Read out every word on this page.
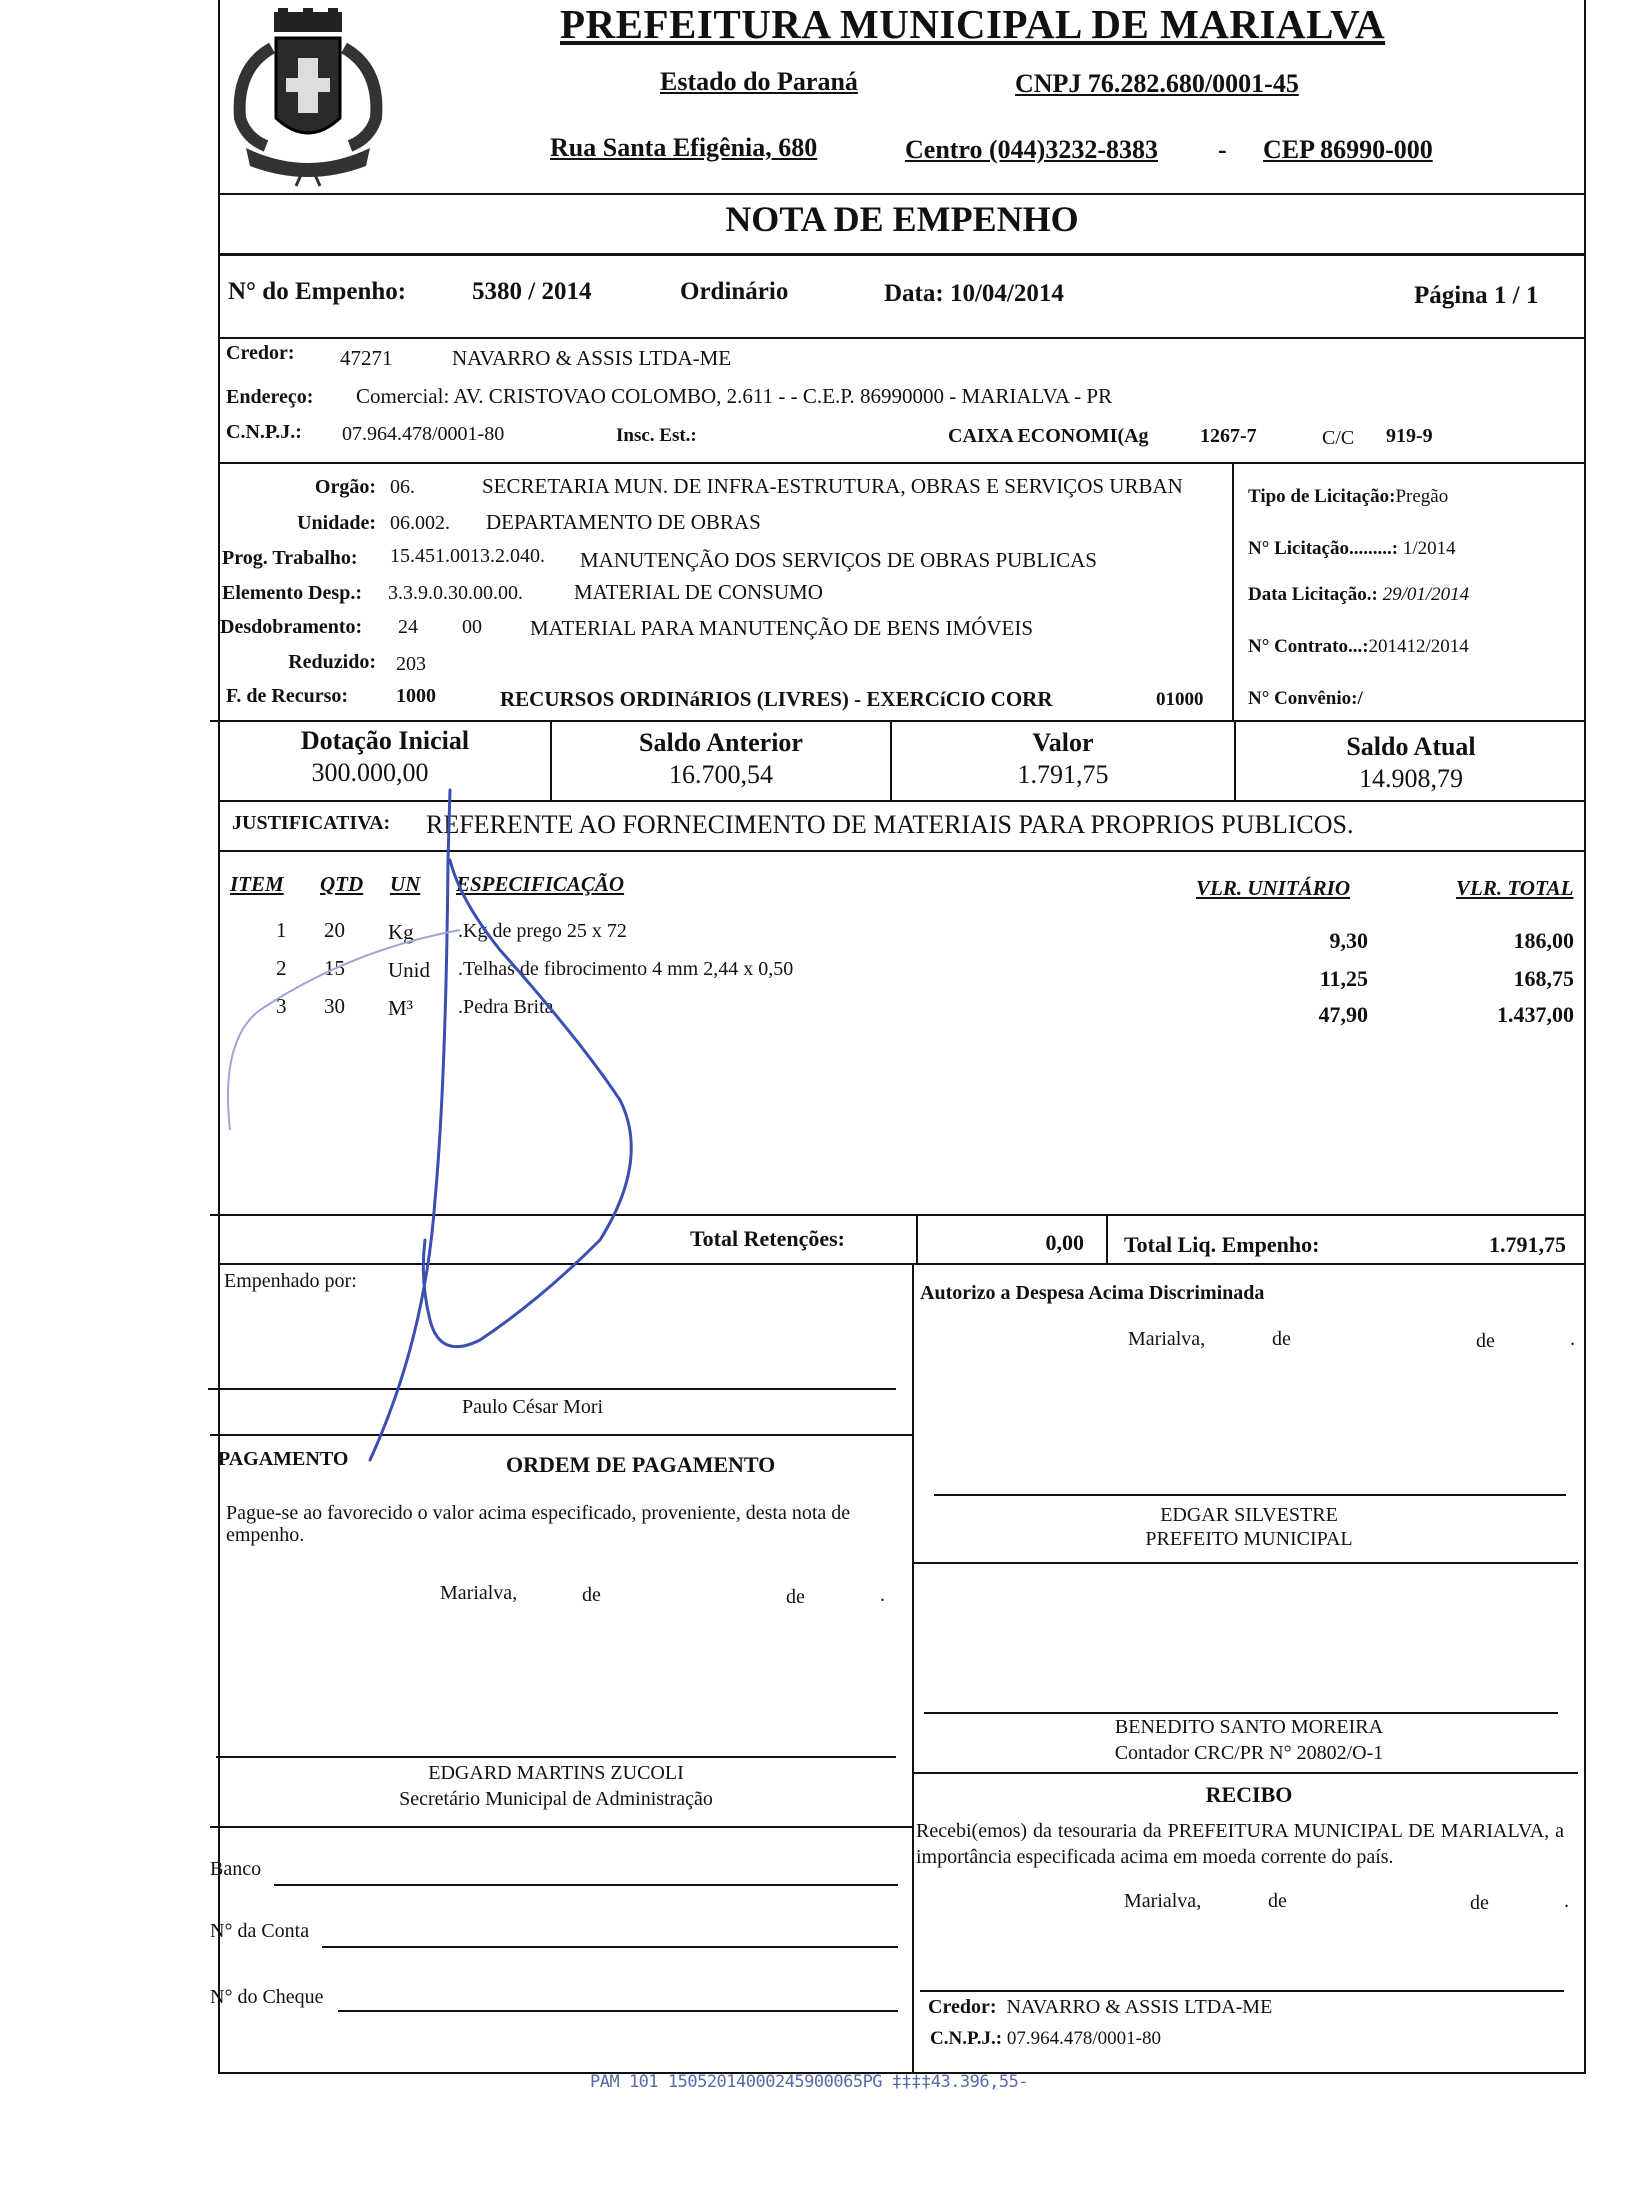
PREFEITURA MUNICIPAL DE MARIALVA
Estado do Paraná	CNPJ 76.282.680/0001-45
Rua Santa Efigênia, 680	Centro (044)3232-8383 - CEP 86990-000
NOTA DE EMPENHO
N° do Empenho:	5380 / 2014	Ordinário	Data: 10/04/2014	Página 1 / 1
Credor: 47271	NAVARRO & ASSIS LTDA-ME
Endereço: Comercial: AV. CRISTOVAO COLOMBO, 2.611 - - C.E.P. 86990000 - MARIALVA - PR
C.N.P.J.: 07.964.478/0001-80	Insc. Est.:	CAIXA ECONOMI(Ag	1267-7	C/C 919-9
Orgão: 06.	SECRETARIA MUN. DE INFRA-ESTRUTURA, OBRAS E SERVIÇOS URBAN
Unidade: 06.002. DEPARTAMENTO DE OBRAS
Prog. Trabalho: 15.451.0013.2.040. MANUTENÇÃO DOS SERVIÇOS DE OBRAS PUBLICAS
Elemento Desp.: 3.3.9.0.30.00.00. MATERIAL DE CONSUMO
Desdobramento: 24 00 MATERIAL PARA MANUTENÇÃO DE BENS IMÓVEIS
Reduzido: 203
F. de Recurso: 1000	RECURSOS ORDINáRIOS (LIVRES) - EXERCíCIO CORR	01000
Tipo de Licitação:Pregão
N° Licitação.........: 1/2014
Data Licitação.: 29/01/2014
N° Contrato...:201412/2014
N° Convênio:/
Dotação Inicial
300.000,00
Saldo Anterior
16.700,54
Valor
1.791,75
Saldo Atual
14.908,79
JUSTIFICATIVA: REFERENTE AO FORNECIMENTO DE MATERIAIS PARA PROPRIOS PUBLICOS.
ITEM QTD UN ESPECIFICAÇÃO	VLR. UNITÁRIO	VLR. TOTAL
1 20 Kg .Kg de prego 25 x 72	9,30	186,00
2 15 Unid .Telhas de fibrocimento 4 mm 2,44 x 0,50	11,25	168,75
3 30 M³ .Pedra Brita	47,90	1.437,00
Total Retenções:	0,00 Total Liq. Empenho:	1.791,75
Empenhado por:
Paulo César Mori
PAGAMENTO	ORDEM DE PAGAMENTO
Pague-se ao favorecido o valor acima especificado, proveniente, desta nota de empenho.
Marialva,	de	de	.
EDGARD MARTINS ZUCOLI
Secretário Municipal de Administração
Banco
N° da Conta
N° do Cheque
Autorizo a Despesa Acima Discriminada
Marialva,	de	de	.
EDGAR SILVESTRE
PREFEITO MUNICIPAL
BENEDITO SANTO MOREIRA
Contador CRC/PR N° 20802/O-1
RECIBO
Recebi(emos) da tesouraria da PREFEITURA MUNICIPAL DE MARIALVA, a importância especificada acima em moeda corrente do país.
Marialva,	de	de	.
Credor: NAVARRO & ASSIS LTDA-ME
C.N.P.J.: 07.964.478/0001-80
PAM 101 15052014000245900065PG ‡‡‡‡43.396,55-
